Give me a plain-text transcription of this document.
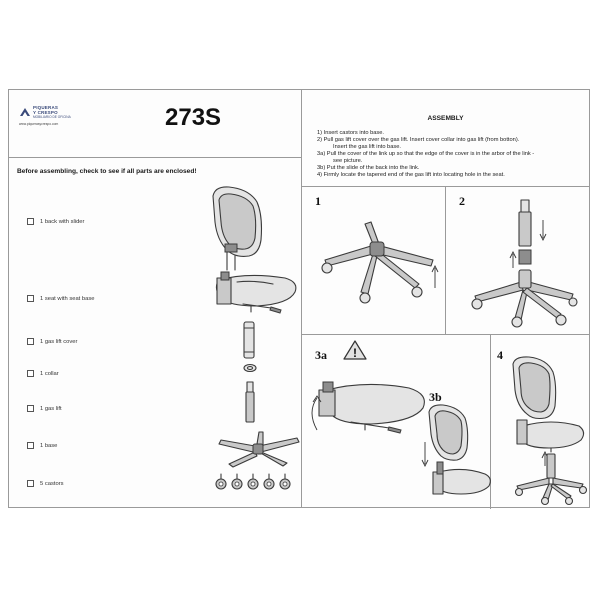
PIQUERAS
Y CRESPO
MOBILIARIO DE OFICINA
www.piquerasycrespo.com	273S
Before assembling, check to see if all parts are enclosed!
1 back with slider
1 seat with seat base
1 gas lift cover
1 collar
1 gas lift
1 base
5 castors
ASSEMBLY
1) Insert castors into base.
2) Pull gas lift cover over the gas lift. Insert cover collar into gas lift (from botton).
Insert the gas lift into base.
3a) Pull the cover of the link up so that the edge of the cover is in the arbor of the link -
see picture.
3b) Put the slide of the back into the link.
4) Firmly locate the tapered end of the gas lift into locating hole in the seat.
1	2
3a
3b
4
!
